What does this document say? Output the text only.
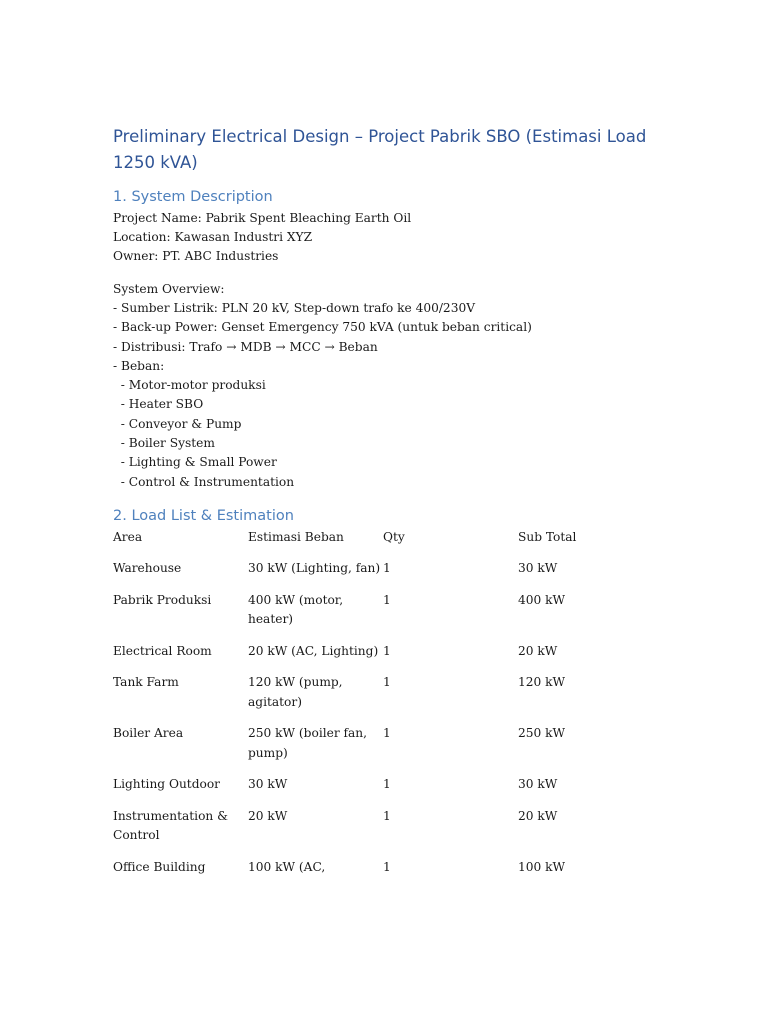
Preliminary Electrical Design – Project Pabrik SBO (Estimasi Load 1250 kVA)
1. System Description

Project Name: Pabrik Spent Bleaching Earth Oil

Location: Kawasan Industri XYZ

Owner: PT. ABC Industries

System Overview:

- Sumber Listrik: PLN 20 kV, Step-down trafo ke 400/230V

- Back-up Power: Genset Emergency 750 kVA (untuk beban critical)

- Distribusi: Trafo → MDB → MCC → Beban

- Beban:

- Motor-motor produksi

- Heater SBO

- Conveyor & Pump

- Boiler System

- Lighting & Small Power

- Control & Instrumentation

2. Load List & Estimation
Area	Estimasi Beban	Qty	Sub Total
Warehouse	30 kW (Lighting, fan)	1	30 kW
Pabrik Produksi	400 kW (motor, heater)	1	400 kW
Electrical Room	20 kW (AC, Lighting)	1	20 kW
Tank Farm	120 kW (pump, agitator)	1	120 kW
Boiler Area	250 kW (boiler fan, pump)	1	250 kW
Lighting Outdoor	30 kW	1	30 kW
Instrumentation & Control	20 kW	1	20 kW
Office Building	100 kW (AC,	1	100 kW
